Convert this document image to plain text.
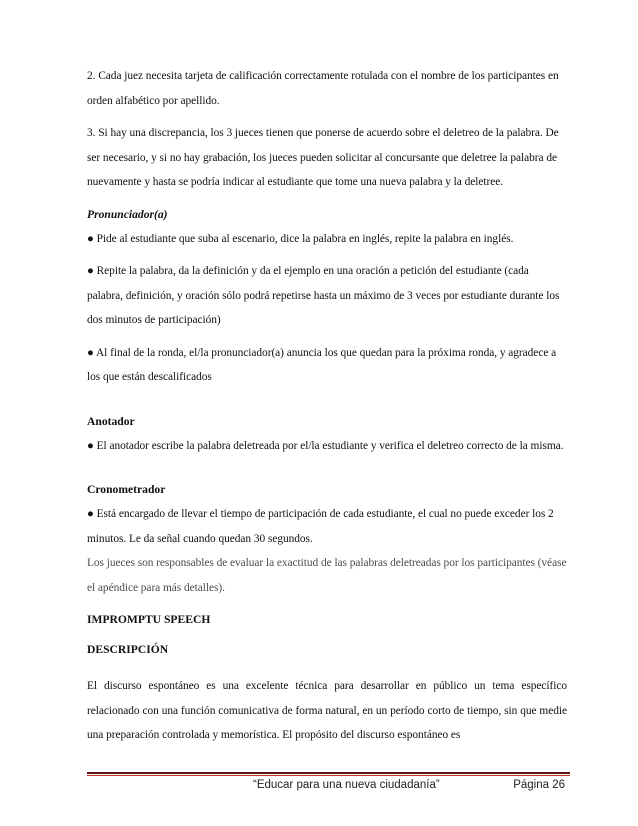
2. Cada juez necesita tarjeta de calificación correctamente rotulada con el nombre de los participantes en orden alfabético por apellido.

3. Si hay una discrepancia, los 3 jueces tienen que ponerse de acuerdo sobre el deletreo de la palabra. De ser necesario, y si no hay grabación, los jueces pueden solicitar al concursante que deletree la palabra de nuevamente y hasta se podría indicar al estudiante que tome una nueva palabra y la deletree.

Pronunciador(a)

● Pide al estudiante que suba al escenario, dice la palabra en inglés, repite la palabra en inglés.

● Repite la palabra, da la definición y da el ejemplo en una oración a petición del estudiante (cada palabra, definición, y oración sólo podrá repetirse hasta un máximo de 3 veces por estudiante durante los dos minutos de participación)

● Al final de la ronda, el/la pronunciador(a) anuncia los que quedan para la próxima ronda, y agradece a los que están descalificados

Anotador

● El anotador escribe la palabra deletreada por el/la estudiante y verifica el deletreo correcto de la misma.

Cronometrador

● Está encargado de llevar el tiempo de participación de cada estudiante, el cual no puede exceder los 2 minutos. Le da señal cuando quedan 30 segundos.

Los jueces son responsables de evaluar la exactitud de las palabras deletreadas por los participantes (véase el apéndice para más detalles).

IMPROMPTU SPEECH

DESCRIPCIÓN

El discurso espontáneo es una excelente técnica para desarrollar en público un tema específico relacionado con una función comunicativa de forma natural, en un período corto de tiempo, sin que medie una preparación controlada y memorística. El propósito del discurso espontáneo es

“Educar para una nueva ciudadanía”	Página 26
